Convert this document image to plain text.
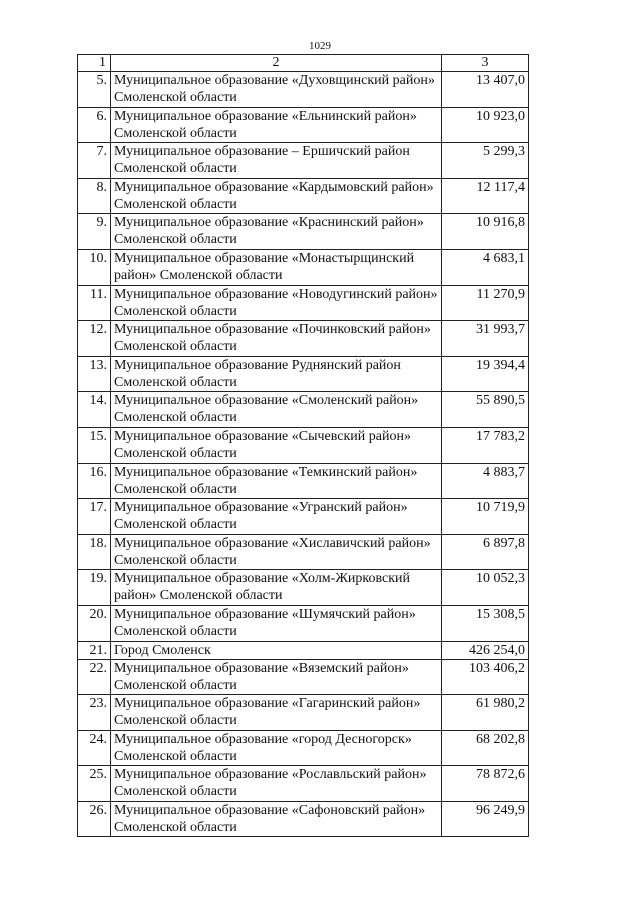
1029
1	2	3
5.	Муниципальное образование «Духовщинский район» Смоленской области	13 407,0
6.	Муниципальное образование «Ельнинский район» Смоленской области	10 923,0
7.	Муниципальное образование – Ершичский район Смоленской области	5 299,3
8.	Муниципальное образование «Кардымовский район» Смоленской области	12 117,4
9.	Муниципальное образование «Краснинский район» Смоленской области	10 916,8
10.	Муниципальное образование «Монастырщинский район» Смоленской области	4 683,1
11.	Муниципальное образование «Новодугинский район» Смоленской области	11 270,9
12.	Муниципальное образование «Починковский район» Смоленской области	31 993,7
13.	Муниципальное образование Руднянский район Смоленской области	19 394,4
14.	Муниципальное образование «Смоленский район» Смоленской области	55 890,5
15.	Муниципальное образование «Сычевский район» Смоленской области	17 783,2
16.	Муниципальное образование «Темкинский район» Смоленской области	4 883,7
17.	Муниципальное образование «Угранский район» Смоленской области	10 719,9
18.	Муниципальное образование «Хиславичский район» Смоленской области	6 897,8
19.	Муниципальное образование «Холм-Жирковский район» Смоленской области	10 052,3
20.	Муниципальное образование «Шумячский район» Смоленской области	15 308,5
21.	Город Смоленск	426 254,0
22.	Муниципальное образование «Вяземский район» Смоленской области	103 406,2
23.	Муниципальное образование «Гагаринский район» Смоленской области	61 980,2
24.	Муниципальное образование «город Десногорск» Смоленской области	68 202,8
25.	Муниципальное образование «Рославльский район» Смоленской области	78 872,6
26.	Муниципальное образование «Сафоновский район» Смоленской области	96 249,9
